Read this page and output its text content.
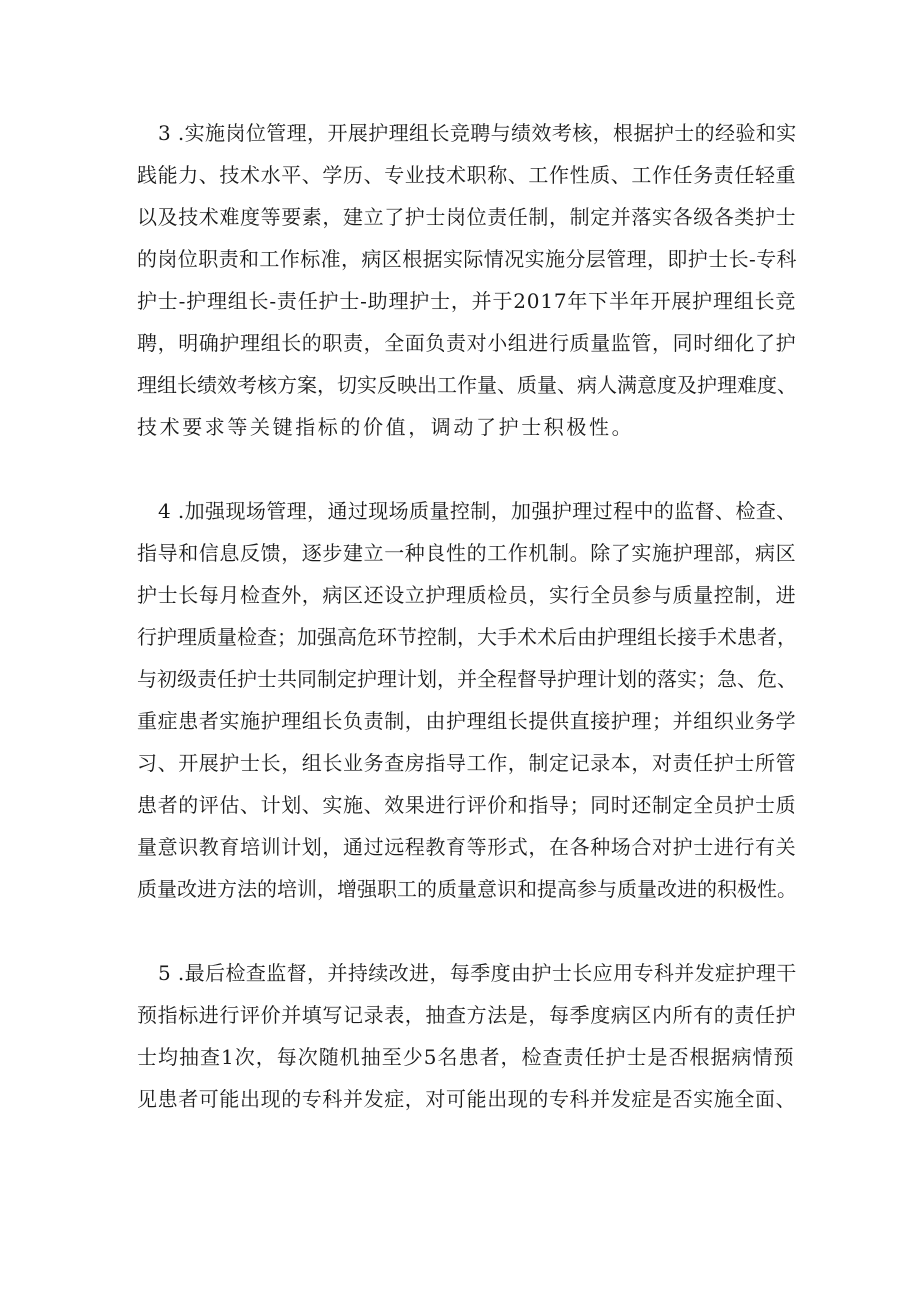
3 .实施岗位管理，开展护理组长竞聘与绩效考核，根据护士的经验和实
践能力、技术水平、学历、专业技术职称、工作性质、工作任务责任轻重
以及技术难度等要素，建立了护士岗位责任制，制定并落实各级各类护士
的岗位职责和工作标准，病区根据实际情况实施分层管理，即护士长-专科
护士-护理组长-责任护士-助理护士，并于2017年下半年开展护理组长竞
聘，明确护理组长的职责，全面负责对小组进行质量监管，同时细化了护
理组长绩效考核方案，切实反映出工作量、质量、病人满意度及护理难度、
技术要求等关键指标的价值，调动了护士积极性。
4 .加强现场管理，通过现场质量控制，加强护理过程中的监督、检查、
指导和信息反馈，逐步建立一种良性的工作机制。除了实施护理部，病区
护士长每月检查外，病区还设立护理质检员，实行全员参与质量控制，进
行护理质量检查；加强高危环节控制，大手术术后由护理组长接手术患者，
与初级责任护士共同制定护理计划，并全程督导护理计划的落实；急、危、
重症患者实施护理组长负责制，由护理组长提供直接护理；并组织业务学
习、开展护士长，组长业务查房指导工作，制定记录本，对责任护士所管
患者的评估、计划、实施、效果进行评价和指导；同时还制定全员护士质
量意识教育培训计划，通过远程教育等形式，在各种场合对护士进行有关
质量改进方法的培训，增强职工的质量意识和提高参与质量改进的积极性。
5 .最后检查监督，并持续改进，每季度由护士长应用专科并发症护理干
预指标进行评价并填写记录表，抽查方法是，每季度病区内所有的责任护
士均抽查1次，每次随机抽至少5名患者，检查责任护士是否根据病情预
见患者可能出现的专科并发症，对可能出现的专科并发症是否实施全面、
